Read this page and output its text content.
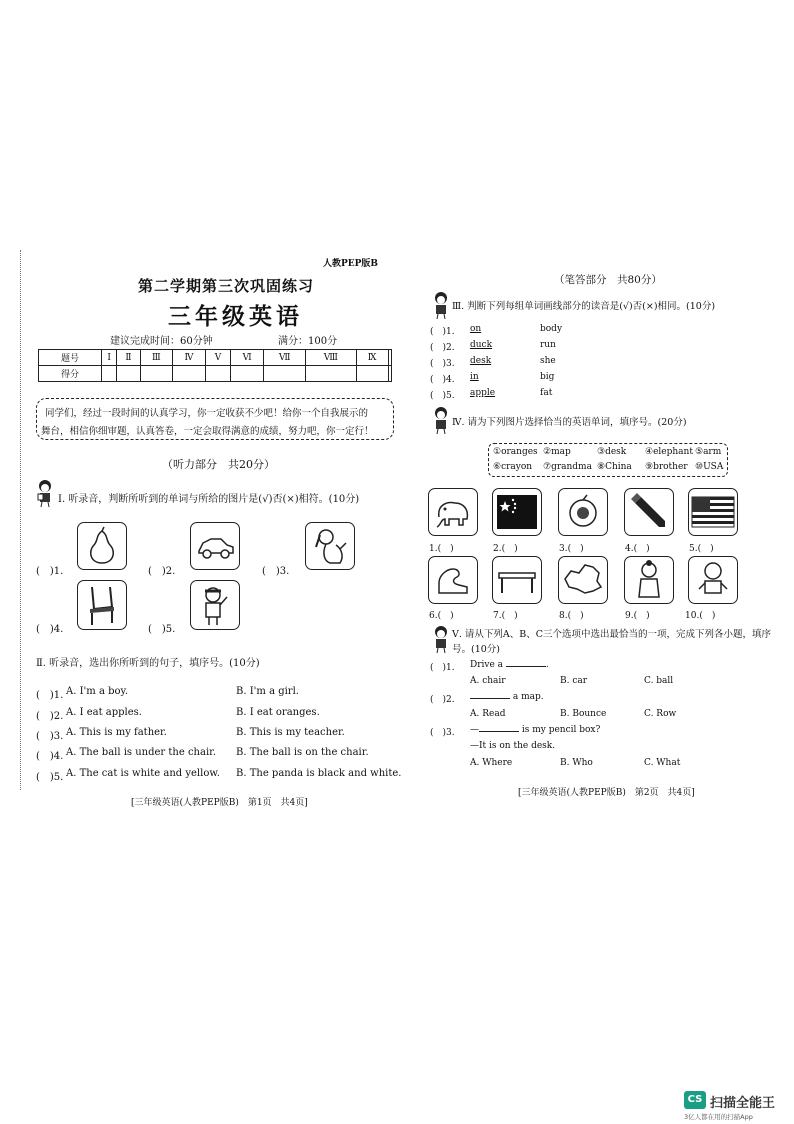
人教PEP版B
第二学期第三次巩固练习
三年级英语
建议完成时间：60分钟	满分：100分
题号	Ⅰ	Ⅱ	Ⅲ	Ⅳ	Ⅴ	Ⅵ	Ⅶ	Ⅷ	Ⅸ	
得分										
同学们，经过一段时间的认真学习，你一定收获不少吧！给你一个自我展示的
舞台，相信你细审题，认真答卷，一定会取得满意的成绩，努力吧，你一定行！
（听力部分　共20分）
Ⅰ. 听录音，判断所听到的单词与所给的图片是(√)否(×)相符。(10分)
(　)1.	(　)2.	(　)3.
(　)4.	(　)5.
Ⅱ. 听录音，选出你所听到的句子，填序号。(10分)
(　)1. A. I'm a boy.	B. I'm a girl.
(　)2. A. I eat apples.	B. I eat oranges.
(　)3. A. This is my father.	B. This is my teacher.
(　)4. A. The ball is under the chair. B. The ball is on the chair.
(　)5. A. The cat is white and yellow. B. The panda is black and white.
[三年级英语(人教PEP版B)　第1页　共4页]
（笔答部分　共80分）
Ⅲ. 判断下列每组单词画线部分的读音是(√)否(×)相同。(10分)
(　)1. on	body
(　)2. duck	run
(　)3. desk	she
(　)4. in	big
(　)5. apple	fat
Ⅳ. 请为下列图片选择恰当的英语单词，填序号。(20分)
①oranges ②map	③desk ④elephant ⑤arm
⑥crayon ⑦grandma ⑧China ⑨brother ⑩USA
1.(　)	2.(　)	3.(　)	4.(　)	5.(　)
6.(　)	7.(　)	8.(　)	9.(　)	10.(　)
Ⅴ. 请从下列A、B、C三个选项中选出最恰当的一项，完成下列各小题，填序
号。(10分)
(　)1. Drive a	.
A. chair	B. car	C. ball
(　)2.	a map.
A. Read	B. Bounce	C. Row
(　)3. —	is my pencil box?
—It is on the desk.
A. Where	B. Who	C. What
[三年级英语(人教PEP版B)　第2页　共4页]
CS 扫描全能王
3亿人都在用的扫描App
